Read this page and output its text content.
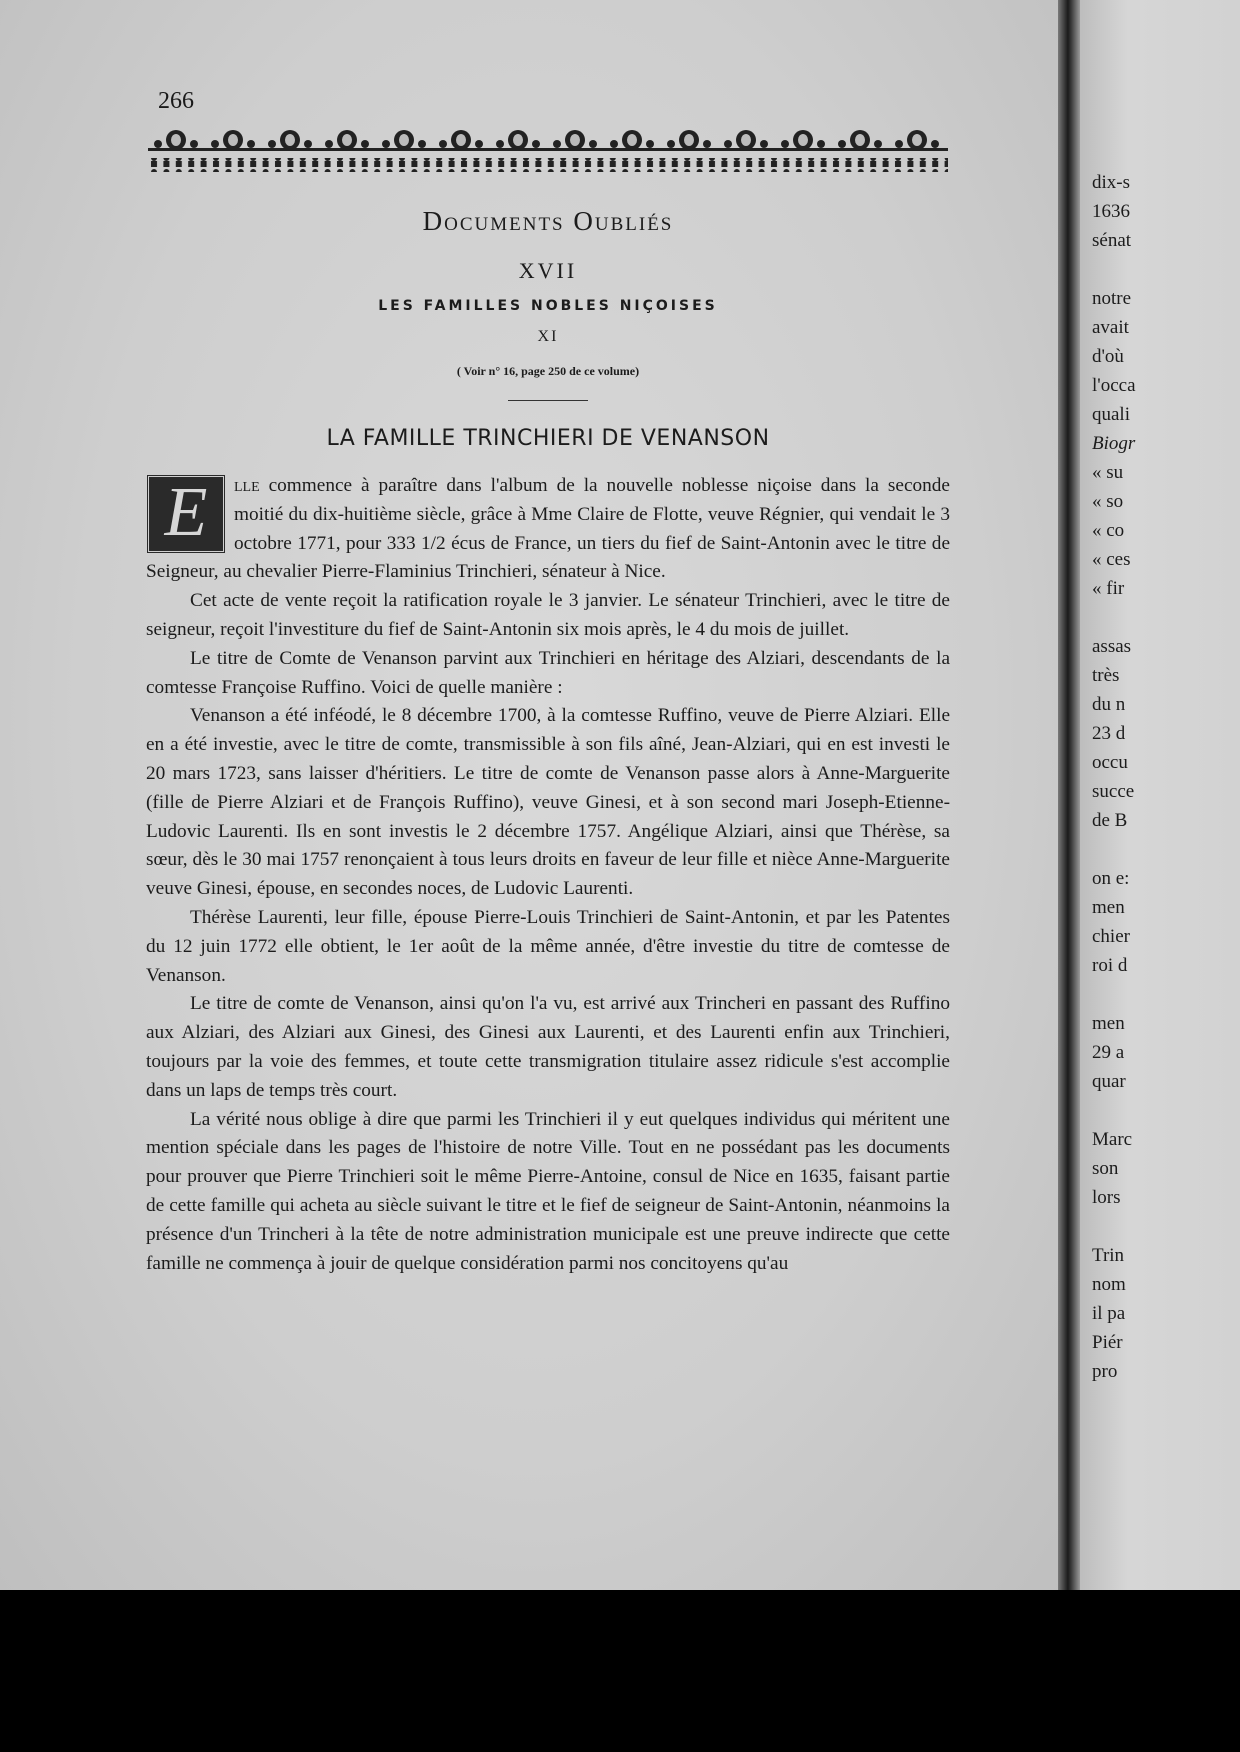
266
Documents Oubliés
XVII
LES FAMILLES NOBLES NIÇOISES
XI
( Voir n° 16, page 250 de ce volume)
LA FAMILLE TRINCHIERI DE VENANSON

E	lle commence à paraître dans l'album de la nouvelle noblesse niçoise dans la seconde moitié du dix-huitième siècle, grâce à Mme Claire de Flotte, veuve Régnier, qui vendait le 3 octobre 1771, pour 333 1/2 écus de France, un tiers du fief de Saint-Antonin avec le titre de Seigneur, au chevalier Pierre-Flaminius Trinchieri, sénateur à Nice.

Cet acte de vente reçoit la ratification royale le 3 janvier. Le sénateur Trinchieri, avec le titre de seigneur, reçoit l'investiture du fief de Saint-Antonin six mois après, le 4 du mois de juillet.

Le titre de Comte de Venanson parvint aux Trinchieri en héritage des Alziari, descendants de la comtesse Françoise Ruffino. Voici de quelle manière :

Venanson a été inféodé, le 8 décembre 1700, à la comtesse Ruffino, veuve de Pierre Alziari. Elle en a été investie, avec le titre de comte, transmissible à son fils aîné, Jean-Alziari, qui en est investi le 20 mars 1723, sans laisser d'héritiers. Le titre de comte de Venanson passe alors à Anne-Marguerite (fille de Pierre Alziari et de François Ruffino), veuve Ginesi, et à son second mari Joseph-Etienne-Ludovic Laurenti. Ils en sont investis le 2 décembre 1757. Angélique Alziari, ainsi que Thérèse, sa sœur, dès le 30 mai 1757 renonçaient à tous leurs droits en faveur de leur fille et nièce Anne-Marguerite veuve Ginesi, épouse, en secondes noces, de Ludovic Laurenti.

Thérèse Laurenti, leur fille, épouse Pierre-Louis Trinchieri de Saint-Antonin, et par les Patentes du 12 juin 1772 elle obtient, le 1er août de la même année, d'être investie du titre de comtesse de Venanson.

Le titre de comte de Venanson, ainsi qu'on l'a vu, est arrivé aux Trincheri en passant des Ruffino aux Alziari, des Alziari aux Ginesi, des Ginesi aux Laurenti, et des Laurenti enfin aux Trinchieri, toujours par la voie des femmes, et toute cette transmigration titulaire assez ridicule s'est accomplie dans un laps de temps très court.

La vérité nous oblige à dire que parmi les Trinchieri il y eut quelques individus qui méritent une mention spéciale dans les pages de l'histoire de notre Ville. Tout en ne possédant pas les documents pour prouver que Pierre Trinchieri soit le même Pierre-Antoine, consul de Nice en 1635, faisant partie de cette famille qui acheta au siècle suivant le titre et le fief de seigneur de Saint-Antonin, néanmoins la présence d'un Trincheri à la tête de notre administration municipale est une preuve indirecte que cette famille ne commença à jouir de quelque considération parmi nos concitoyens qu'au

dix-s
1636
sénat
notre
avait
d'où
l'occa
quali
Biogr
« su
« so
« co
« ces
« fir
assas
très
du n
23 d
occu
succe
de B
on e:
men
chier
roi d
men
29 a
quar
Marc
son
lors
Trin
nom
il pa
Piér
pro
